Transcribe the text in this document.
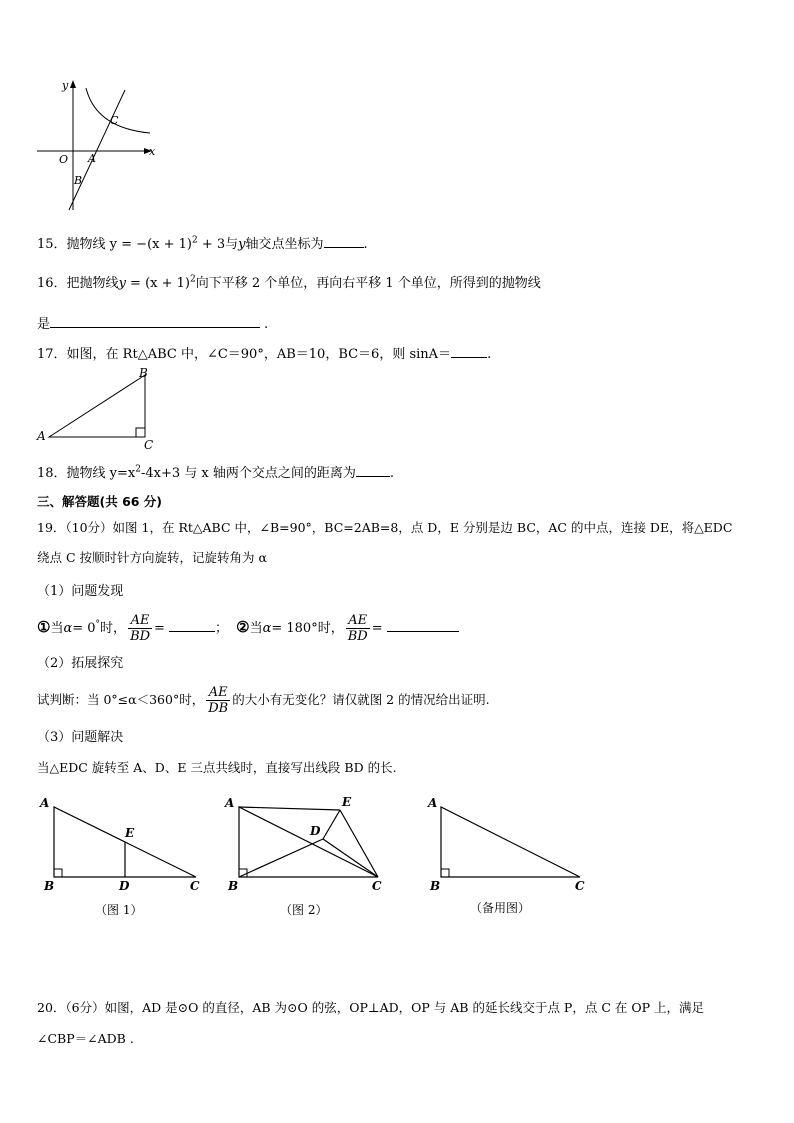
y
x
O A
B
C
15．抛物线 $y = -(x + 1)^2 + 3$与y轴交点坐标为	.
16．把抛物线$y = (x + 1)^2$向下平移 2 个单位，再向右平移 1 个单位，所得到的抛物线
是	.
17．如图，在 Rt△ABC 中，∠C＝90°，AB＝10，BC＝6，则 sinA＝	.
A
B
C
18．抛物线 $y=x^2-4x+3$ 与 x 轴两个交点之间的距离为	.
三、解答题(共 66 分)
19．（10分）如图 1，在 Rt△ABC 中，∠B=90°，BC=2AB=8，点 D，E 分别是边 BC，AC 的中点，连接 DE，将△EDC
绕点 C 按顺时针方向旋转，记旋转角为 α
（1）问题发现
①当α= 0°时， $\frac{AE}{BD}$ =	； ②当α= 180°时， $\frac{AE}{BD}$ =
（2）拓展探究
试判断：当 0°≤α＜360°时， $\frac{AE}{DB}$ 的大小有无变化？请仅就图 2 的情况给出证明.
（3）问题解决
当△EDC 旋转至 A、D、E 三点共线时，直接写出线段 BD 的长.
A
B	C
D
E
（图 1）
A
B	C
D
E
（图 2）
A
B	C
（备用图）
20．（6分）如图，AD 是⊙O 的直径，AB 为⊙O 的弦，OP⊥AD，OP 与 AB 的延长线交于点 P，点 C 在 OP 上，满足
∠CBP＝∠ADB .
